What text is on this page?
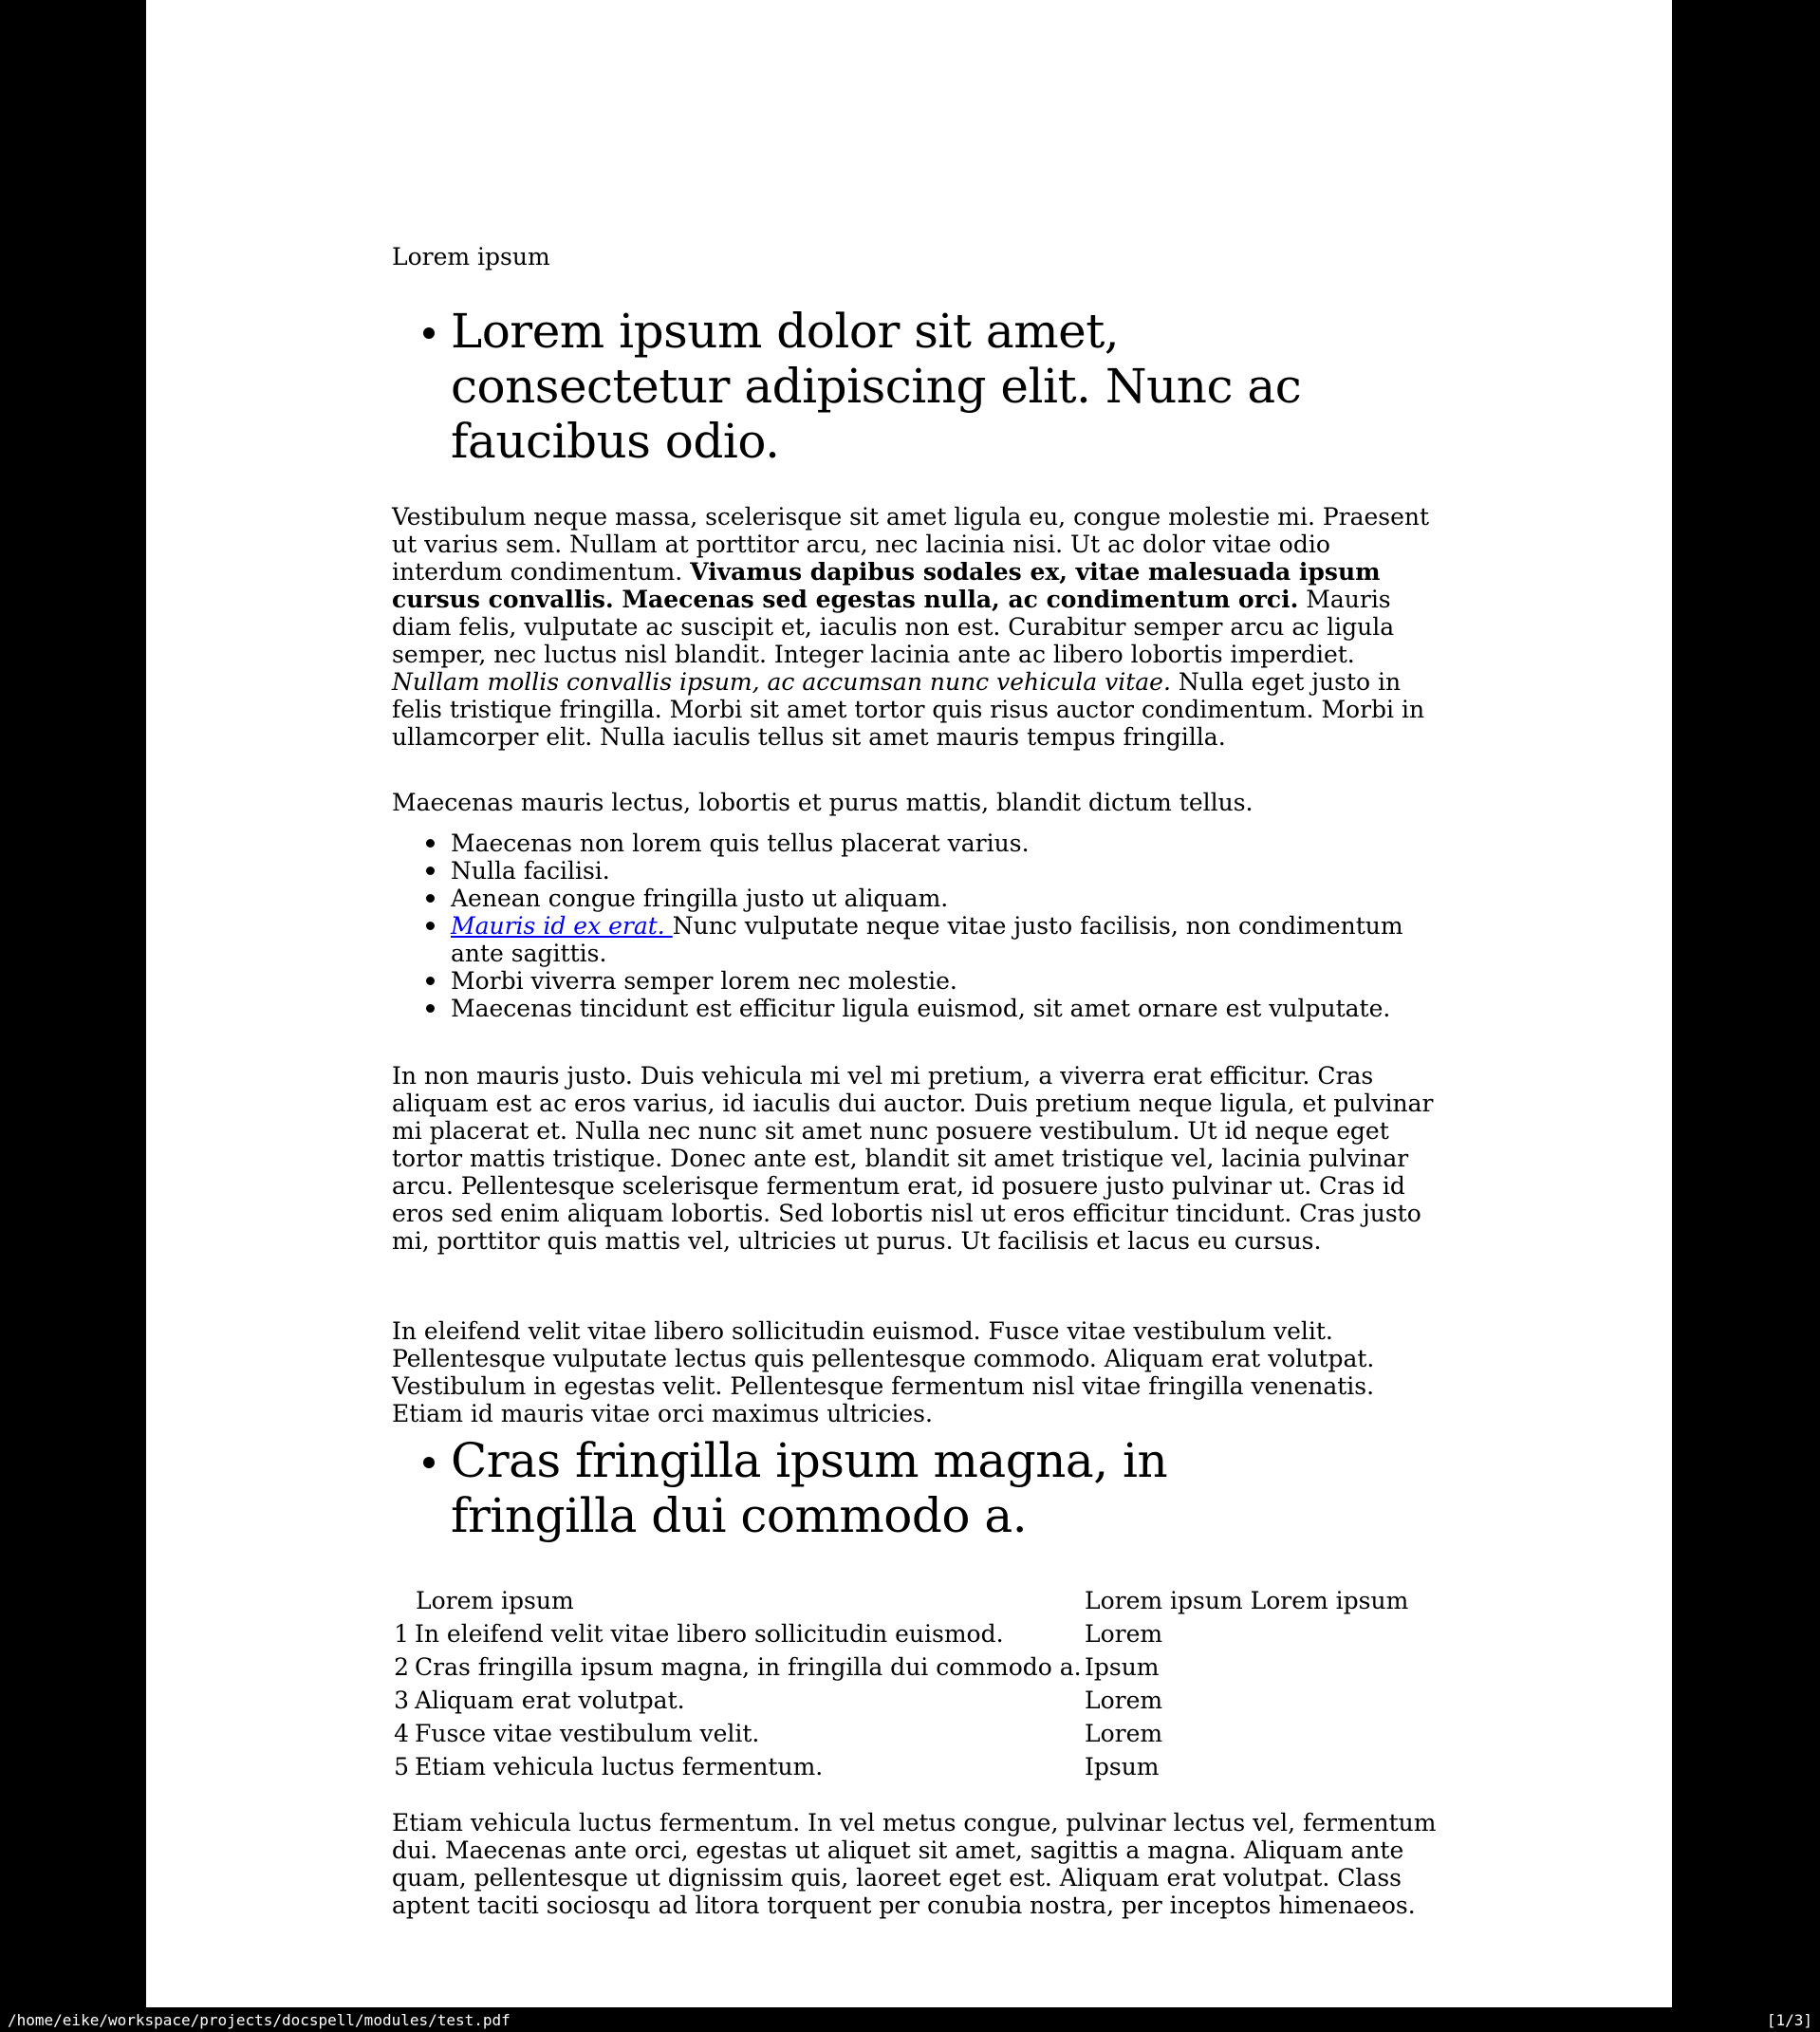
Lorem ipsum
Lorem ipsum dolor sit amet,
consectetur adipiscing elit. Nunc ac
faucibus odio.
Vestibulum neque massa, scelerisque sit amet ligula eu, congue molestie mi. Praesent
ut varius sem. Nullam at porttitor arcu, nec lacinia nisi. Ut ac dolor vitae odio
interdum condimentum. Vivamus dapibus sodales ex, vitae malesuada ipsum
cursus convallis. Maecenas sed egestas nulla, ac condimentum orci. Mauris
diam felis, vulputate ac suscipit et, iaculis non est. Curabitur semper arcu ac ligula
semper, nec luctus nisl blandit. Integer lacinia ante ac libero lobortis imperdiet.
Nullam mollis convallis ipsum, ac accumsan nunc vehicula vitae. Nulla eget justo in
felis tristique fringilla. Morbi sit amet tortor quis risus auctor condimentum. Morbi in
ullamcorper elit. Nulla iaculis tellus sit amet mauris tempus fringilla.
Maecenas mauris lectus, lobortis et purus mattis, blandit dictum tellus.
Maecenas non lorem quis tellus placerat varius.
Nulla facilisi.
Aenean congue fringilla justo ut aliquam.
Mauris id ex erat. Nunc vulputate neque vitae justo facilisis, non condimentum
ante sagittis.
Morbi viverra semper lorem nec molestie.
Maecenas tincidunt est efficitur ligula euismod, sit amet ornare est vulputate.
In non mauris justo. Duis vehicula mi vel mi pretium, a viverra erat efficitur. Cras
aliquam est ac eros varius, id iaculis dui auctor. Duis pretium neque ligula, et pulvinar
mi placerat et. Nulla nec nunc sit amet nunc posuere vestibulum. Ut id neque eget
tortor mattis tristique. Donec ante est, blandit sit amet tristique vel, lacinia pulvinar
arcu. Pellentesque scelerisque fermentum erat, id posuere justo pulvinar ut. Cras id
eros sed enim aliquam lobortis. Sed lobortis nisl ut eros efficitur tincidunt. Cras justo
mi, porttitor quis mattis vel, ultricies ut purus. Ut facilisis et lacus eu cursus.
In eleifend velit vitae libero sollicitudin euismod. Fusce vitae vestibulum velit.
Pellentesque vulputate lectus quis pellentesque commodo. Aliquam erat volutpat.
Vestibulum in egestas velit. Pellentesque fermentum nisl vitae fringilla venenatis.
Etiam id mauris vitae orci maximus ultricies.
Cras fringilla ipsum magna, in
fringilla dui commodo a.
Lorem ipsum	Lorem ipsum Lorem ipsum
1 In eleifend velit vitae libero sollicitudin euismod.	Lorem
2 Cras fringilla ipsum magna, in fringilla dui commodo a. Ipsum
3 Aliquam erat volutpat.	Lorem
4 Fusce vitae vestibulum velit.	Lorem
5 Etiam vehicula luctus fermentum.	Ipsum
Etiam vehicula luctus fermentum. In vel metus congue, pulvinar lectus vel, fermentum
dui. Maecenas ante orci, egestas ut aliquet sit amet, sagittis a magna. Aliquam ante
quam, pellentesque ut dignissim quis, laoreet eget est. Aliquam erat volutpat. Class
aptent taciti sociosqu ad litora torquent per conubia nostra, per inceptos himenaeos.
/home/eike/workspace/projects/docspell/modules/test.pdf	[1/3]
